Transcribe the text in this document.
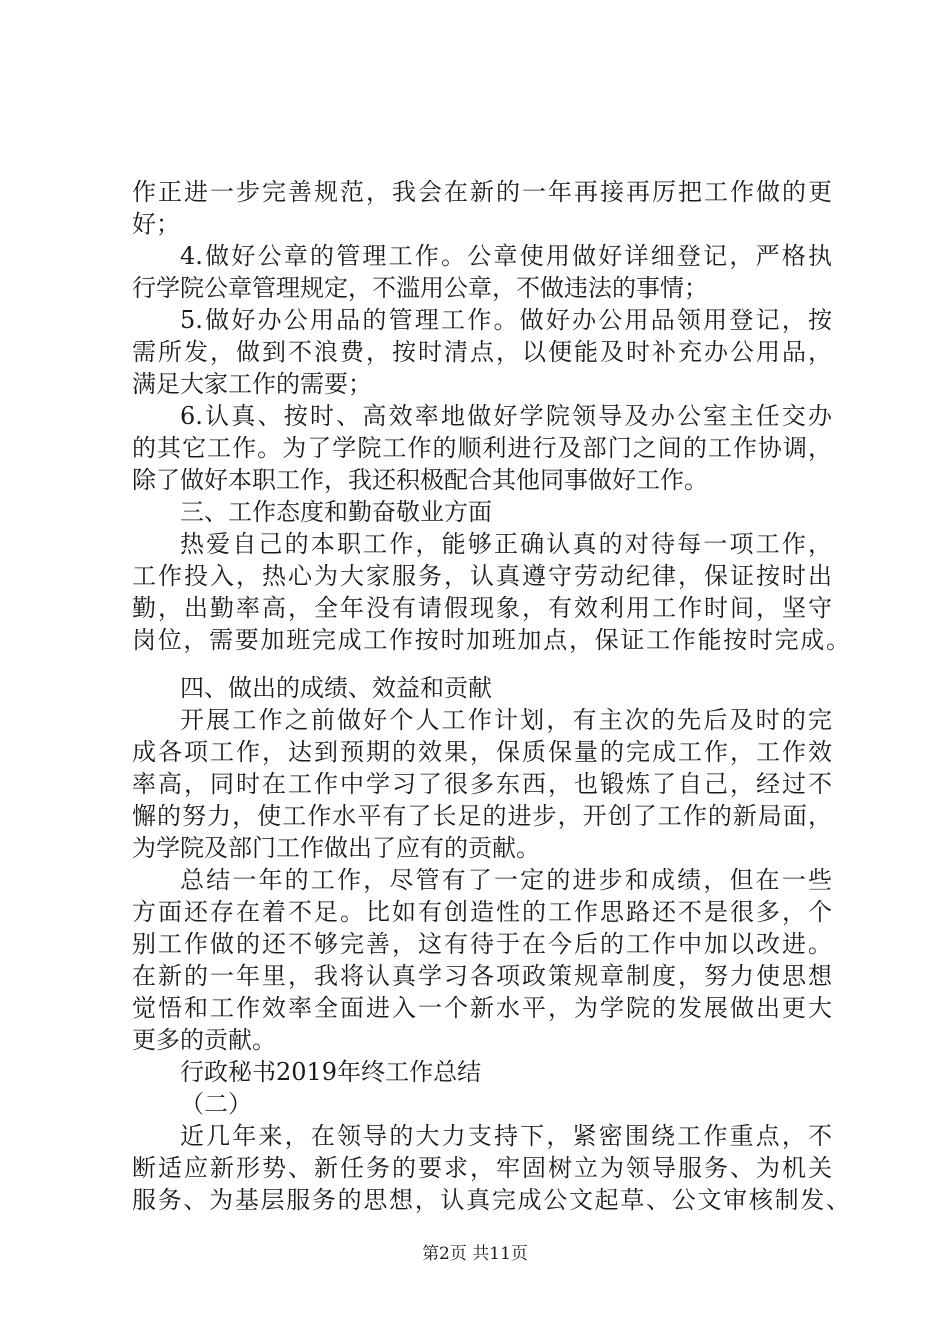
作正进一步完善规范，我会在新的一年再接再厉把工作做的更
好；
4.做好公章的管理工作。公章使用做好详细登记，严格执
行学院公章管理规定，不滥用公章，不做违法的事情；
5.做好办公用品的管理工作。做好办公用品领用登记，按
需所发，做到不浪费，按时清点，以便能及时补充办公用品，
满足大家工作的需要；
6.认真、按时、高效率地做好学院领导及办公室主任交办
的其它工作。为了学院工作的顺利进行及部门之间的工作协调，
除了做好本职工作，我还积极配合其他同事做好工作。
三、工作态度和勤奋敬业方面
热爱自己的本职工作，能够正确认真的对待每一项工作，
工作投入，热心为大家服务，认真遵守劳动纪律，保证按时出
勤，出勤率高，全年没有请假现象，有效利用工作时间，坚守
岗位，需要加班完成工作按时加班加点，保证工作能按时完成。
四、做出的成绩、效益和贡献
开展工作之前做好个人工作计划，有主次的先后及时的完
成各项工作，达到预期的效果，保质保量的完成工作，工作效
率高，同时在工作中学习了很多东西，也锻炼了自己，经过不
懈的努力，使工作水平有了长足的进步，开创了工作的新局面，
为学院及部门工作做出了应有的贡献。
总结一年的工作，尽管有了一定的进步和成绩，但在一些
方面还存在着不足。比如有创造性的工作思路还不是很多，个
别工作做的还不够完善，这有待于在今后的工作中加以改进。
在新的一年里，我将认真学习各项政策规章制度，努力使思想
觉悟和工作效率全面进入一个新水平，为学院的发展做出更大
更多的贡献。
行政秘书2019年终工作总结
（二）
近几年来，在领导的大力支持下，紧密围绕工作重点，不
断适应新形势、新任务的要求，牢固树立为领导服务、为机关
服务、为基层服务的思想，认真完成公文起草、公文审核制发、
第2页 共11页
